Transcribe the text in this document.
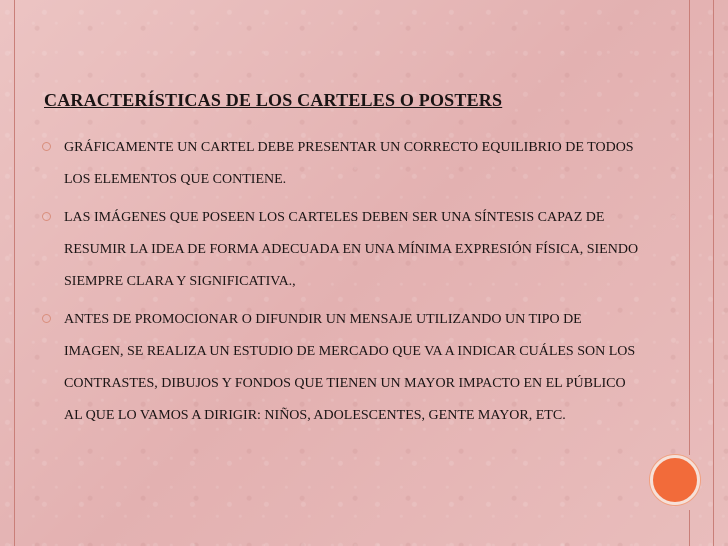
CARACTERÍSTICAS DE LOS CARTELES O POSTERS
GRÁFICAMENTE UN CARTEL DEBE PRESENTAR UN CORRECTO EQUILIBRIO DE TODOS LOS ELEMENTOS QUE CONTIENE.
LAS IMÁGENES QUE POSEEN LOS CARTELES DEBEN SER UNA SÍNTESIS CAPAZ DE RESUMIR LA IDEA DE FORMA ADECUADA EN UNA MÍNIMA EXPRESIÓN FÍSICA, SIENDO SIEMPRE CLARA Y SIGNIFICATIVA.,
ANTES DE PROMOCIONAR O DIFUNDIR UN MENSAJE UTILIZANDO UN TIPO DE IMAGEN, SE REALIZA UN ESTUDIO DE MERCADO QUE VA A INDICAR CUÁLES SON LOS CONTRASTES, DIBUJOS Y FONDOS QUE TIENEN UN MAYOR IMPACTO EN EL PÚBLICO AL QUE LO VAMOS A DIRIGIR: NIÑOS, ADOLESCENTES, GENTE MAYOR, ETC.
